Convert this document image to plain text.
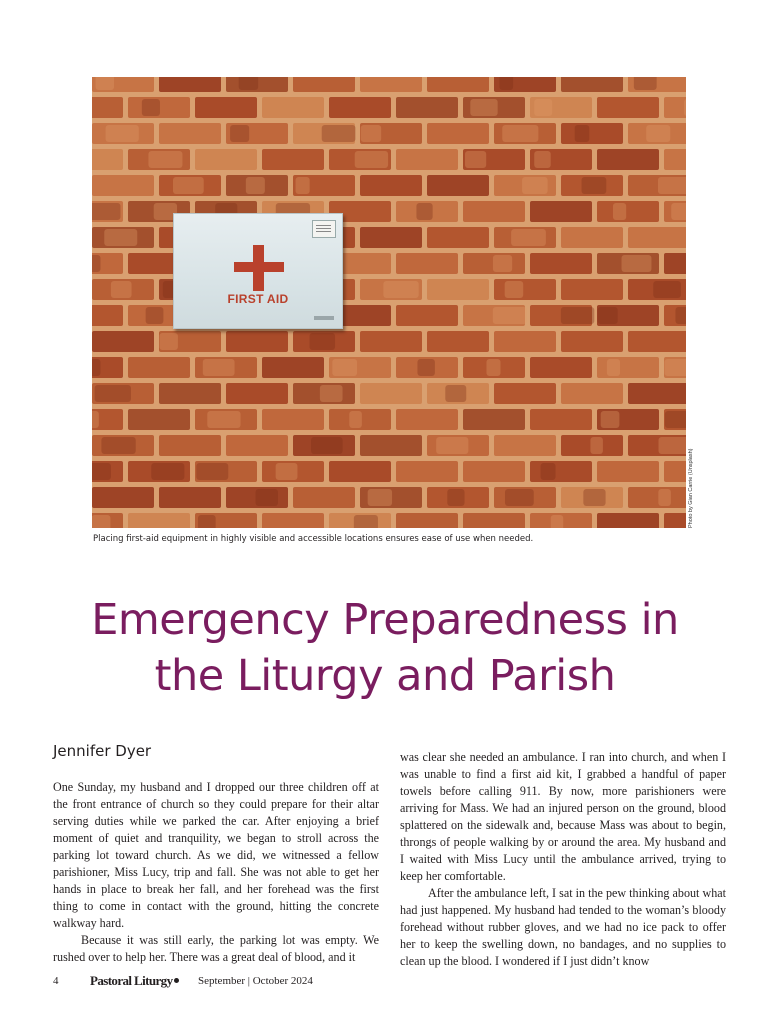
FIRST AID
Photo by Gian Carrie (Unsplash)
Placing first-aid equipment in highly visible and accessible locations ensures ease of use when needed.
Emergency Preparedness in
the Liturgy and Parish
Jennifer Dyer

One Sunday, my husband and I dropped our three children off at the front entrance of church so they could prepare for their altar serving duties while we parked the car. After enjoying a brief moment of quiet and tranquility, we began to stroll across the parking lot toward church. As we did, we witnessed a fellow parishioner, Miss Lucy, trip and fall. She was not able to get her hands in place to break her fall, and her forehead was the first thing to come in contact with the ground, hitting the concrete walkway hard.

Because it was still early, the parking lot was empty. We rushed over to help her. There was a great deal of blood, and it

was clear she needed an ambulance. I ran into church, and when I was unable to find a first aid kit, I grabbed a handful of paper towels before calling 911. By now, more parishioners were arriving for Mass. We had an injured person on the ground, blood splattered on the sidewalk and, because Mass was about to begin, throngs of people walking by or around the area. My husband and I waited with Miss Lucy until the ambulance arrived, trying to keep her comfortable.

After the ambulance left, I sat in the pew thinking about what had just happened. My husband had tended to the woman’s bloody forehead without rubber gloves, and we had no ice pack to offer her to keep the swelling down, no bandages, and no supplies to clean up the blood. I wondered if I just didn’t know

4 Pastoral Liturgy	September | October 2024
